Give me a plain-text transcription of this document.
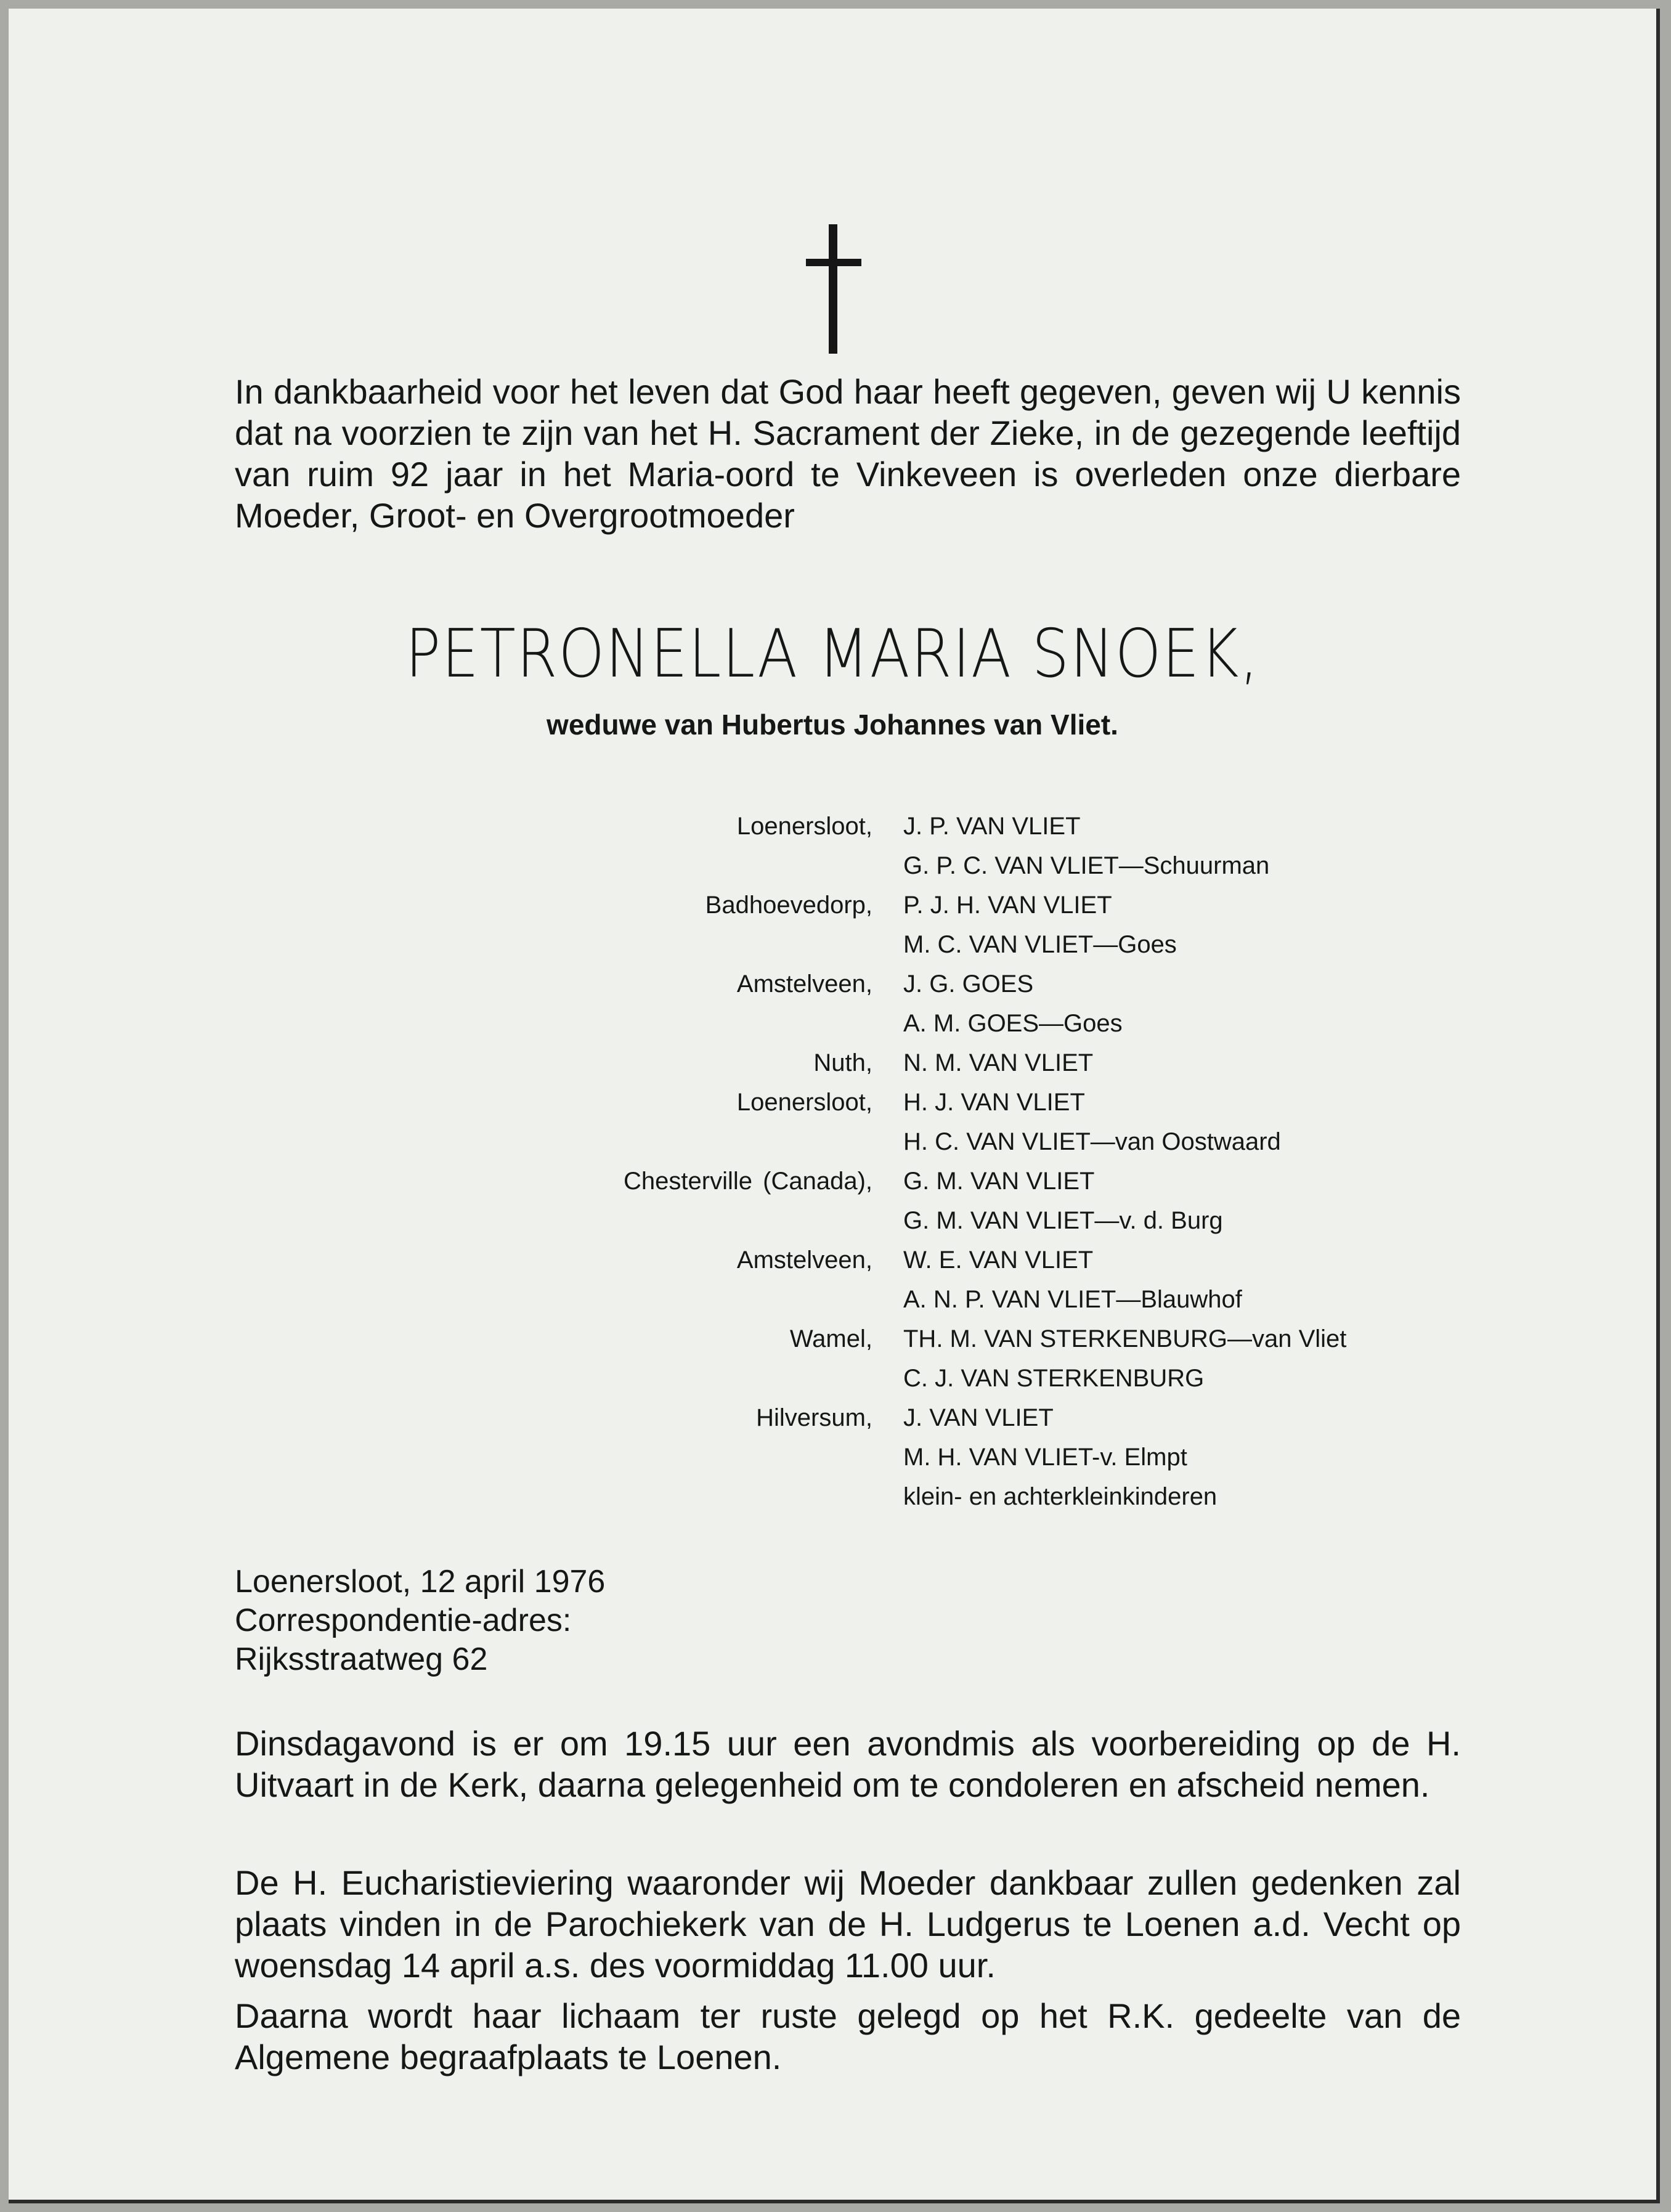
In dankbaarheid voor het leven dat God haar heeft gegeven, geven wij U kennis dat na voorzien te zijn van het H. Sacrament der Zieke, in de gezegende leeftijd van ruim 92 jaar in het Maria-oord te Vinkeveen is overleden onze dierbare Moeder, Groot- en Overgrootmoeder

PETRONELLA MARIA SNOEK,
weduwe van Hubertus Johannes van Vliet.
Loenersloot,	J. P. VAN VLIET
G. P. C. VAN VLIET—Schuurman
Badhoevedorp,	P. J. H. VAN VLIET
M. C. VAN VLIET—Goes
Amstelveen,	J. G. GOES
A. M. GOES—Goes
Nuth,	N. M. VAN VLIET
Loenersloot,	H. J. VAN VLIET
H. C. VAN VLIET—van Oostwaard
Chesterville (Canada),	G. M. VAN VLIET
G. M. VAN VLIET—v. d. Burg
Amstelveen,	W. E. VAN VLIET
A. N. P. VAN VLIET—Blauwhof
Wamel,	TH. M. VAN STERKENBURG—van Vliet
C. J. VAN STERKENBURG
Hilversum,	J. VAN VLIET
M. H. VAN VLIET-v. Elmpt
klein- en achterkleinkinderen
Loenersloot, 12 april 1976
Correspondentie-adres:
Rijksstraatweg 62

Dinsdagavond is er om 19.15 uur een avondmis als voorbereiding op de H. Uitvaart in de Kerk, daarna gelegenheid om te condoleren en afscheid nemen.

De H. Eucharistieviering waaronder wij Moeder dankbaar zullen gedenken zal plaats vinden in de Parochiekerk van de H. Ludgerus te Loenen a.d. Vecht op woensdag 14 april a.s. des voormiddag 11.00 uur.

Daarna wordt haar lichaam ter ruste gelegd op het R.K. gedeelte van de Algemene begraafplaats te Loenen.
